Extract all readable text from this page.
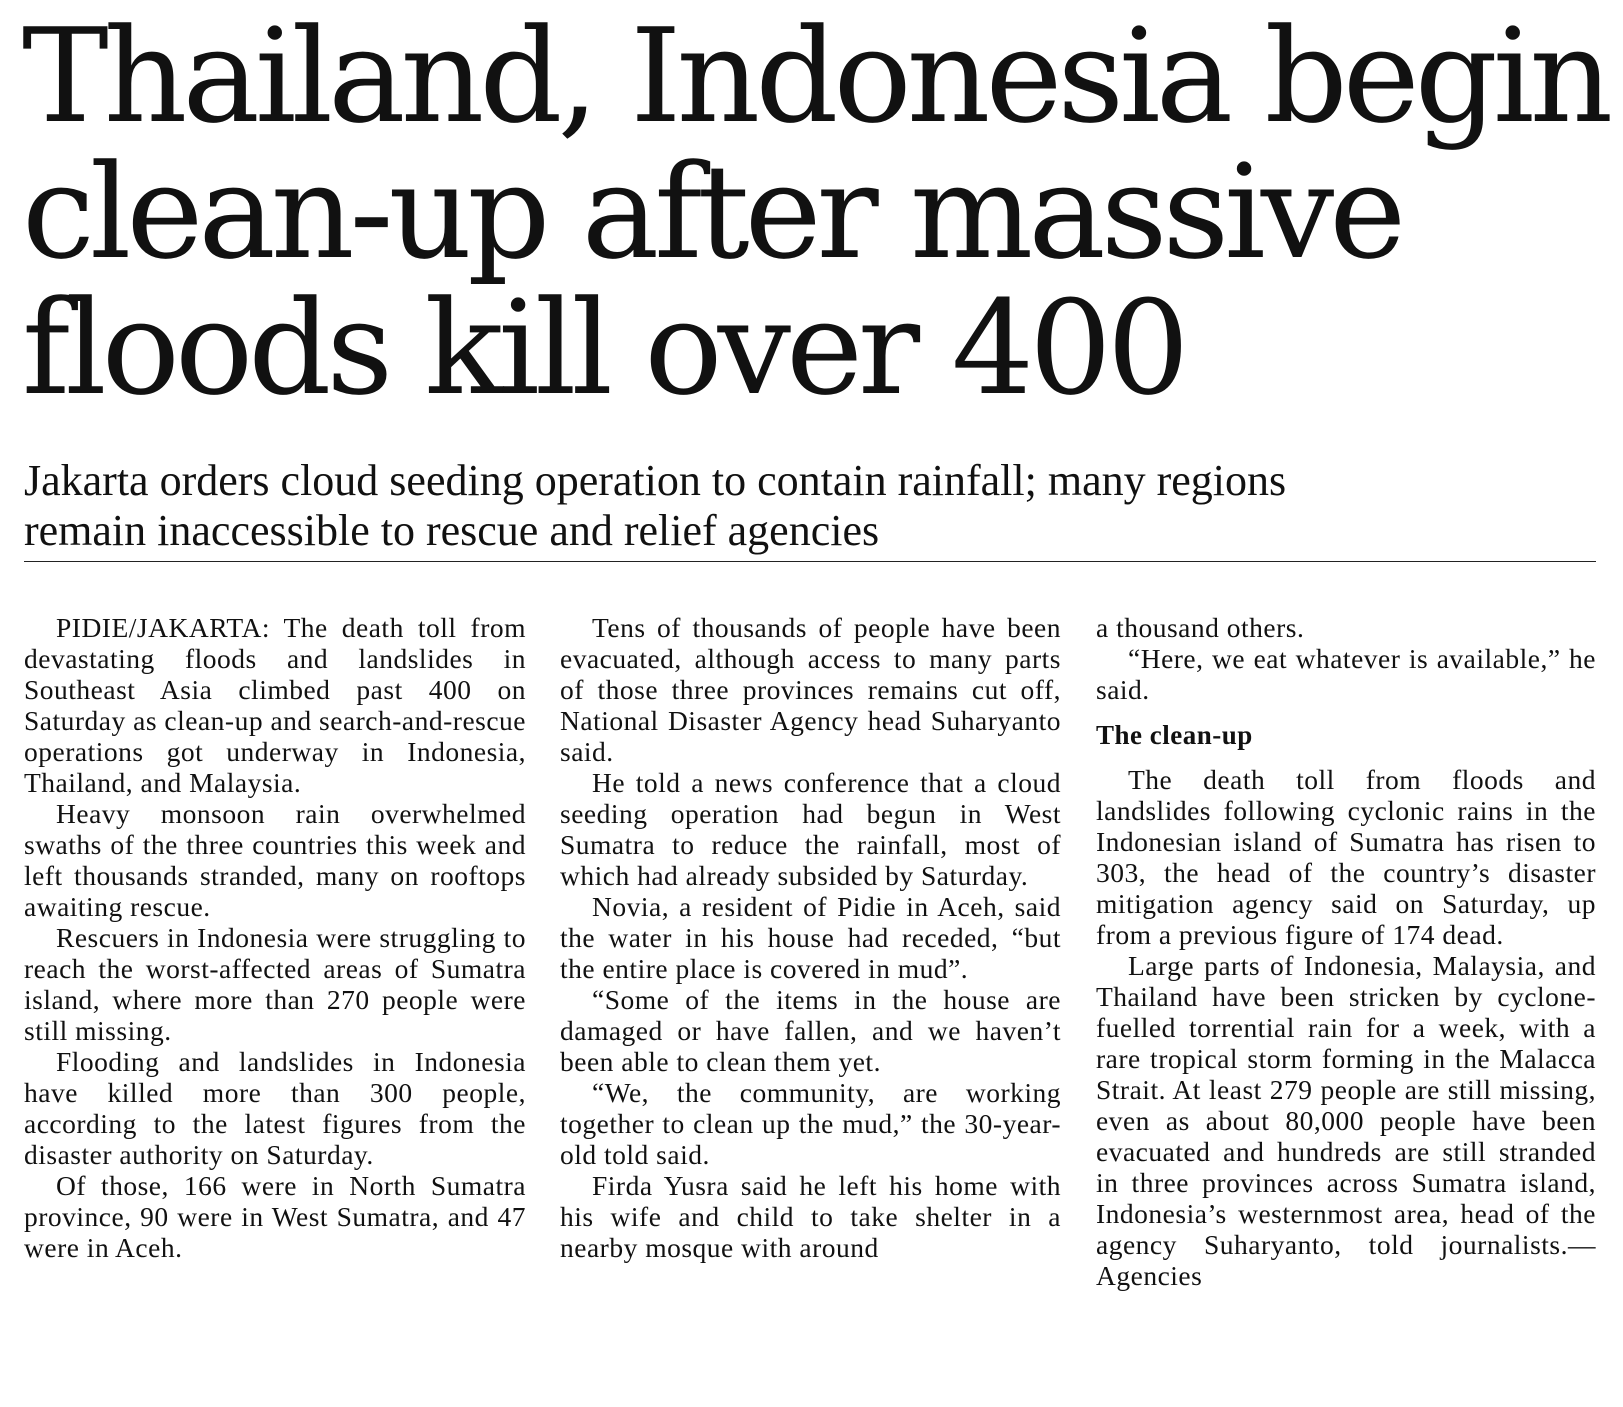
Thailand, Indonesia begin
clean-up after massive
floods kill over 400
Jakarta orders cloud seeding operation to contain rainfall; many regions
remain inaccessible to rescue and relief agencies

PIDIE/JAKARTA: The death toll from devastating floods and landslides in Southeast Asia climbed past 400 on Saturday as clean-up and search-and-rescue operations got underway in Indonesia, Thailand, and Malaysia.

Heavy monsoon rain overwhelmed swaths of the three countries this week and left thousands stranded, many on rooftops awaiting rescue.

Rescuers in Indonesia were struggling to reach the worst-affected areas of Sumatra island, where more than 270 people were still missing.

Flooding and landslides in Indonesia have killed more than 300 people, according to the latest figures from the disaster authority on Saturday.

Of those, 166 were in North Sumatra province, 90 were in West Sumatra, and 47 were in Aceh.

Tens of thousands of people have been evacuated, although access to many parts of those three provinces remains cut off, National Disaster Agency head Suharyanto said.

He told a news conference that a cloud seeding operation had begun in West Sumatra to reduce the rainfall, most of which had already subsided by Saturday.

Novia, a resident of Pidie in Aceh, said the water in his house had receded, “but the entire place is covered in mud”.

“Some of the items in the house are damaged or have fallen, and we haven’t been able to clean them yet.

“We, the community, are working together to clean up the mud,” the 30-year-old told said.

Firda Yusra said he left his home with his wife and child to take shelter in a nearby mosque with around

a thousand others.

“Here, we eat whatever is available,” he said.

The clean-up

The death toll from floods and landslides following cyclonic rains in the Indonesian island of Sumatra has risen to 303, the head of the country’s disaster mitigation agency said on Saturday, up from a previous figure of 174 dead.

Large parts of Indonesia, Malaysia, and Thailand have been stricken by cyclone-fuelled torrential rain for a week, with a rare tropical storm forming in the Malacca Strait. At least 279 people are still missing, even as about 80,000 people have been evacuated and hundreds are still stranded in three provinces across Sumatra island, Indonesia’s westernmost area, head of the agency Suharyanto, told journalists.—Agencies
